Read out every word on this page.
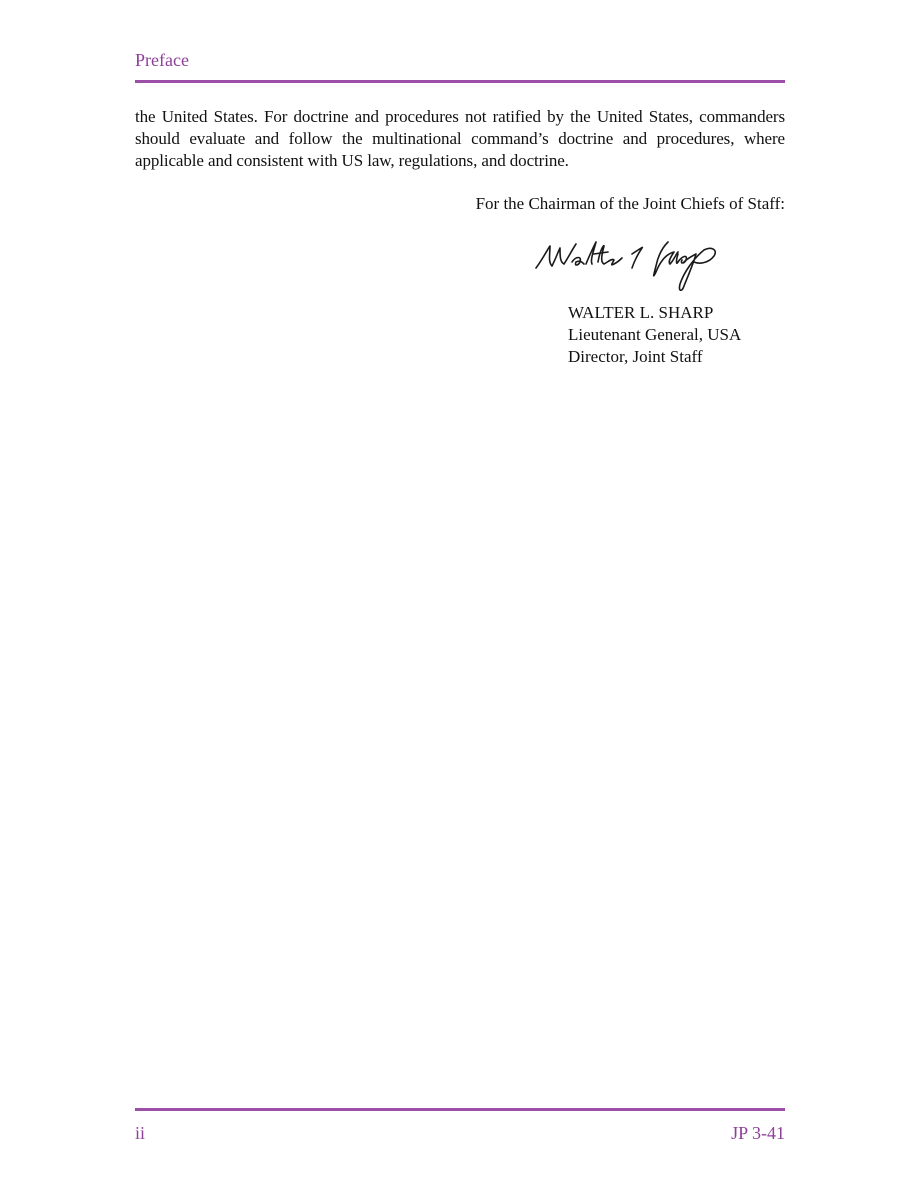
Preface
the United States. For doctrine and procedures not ratified by the United States, commanders should evaluate and follow the multinational command’s doctrine and procedures, where applicable and consistent with US law, regulations, and doctrine.
For the Chairman of the Joint Chiefs of Staff:
WALTER L. SHARP
Lieutenant General, USA
Director, Joint Staff
ii	JP 3-41
